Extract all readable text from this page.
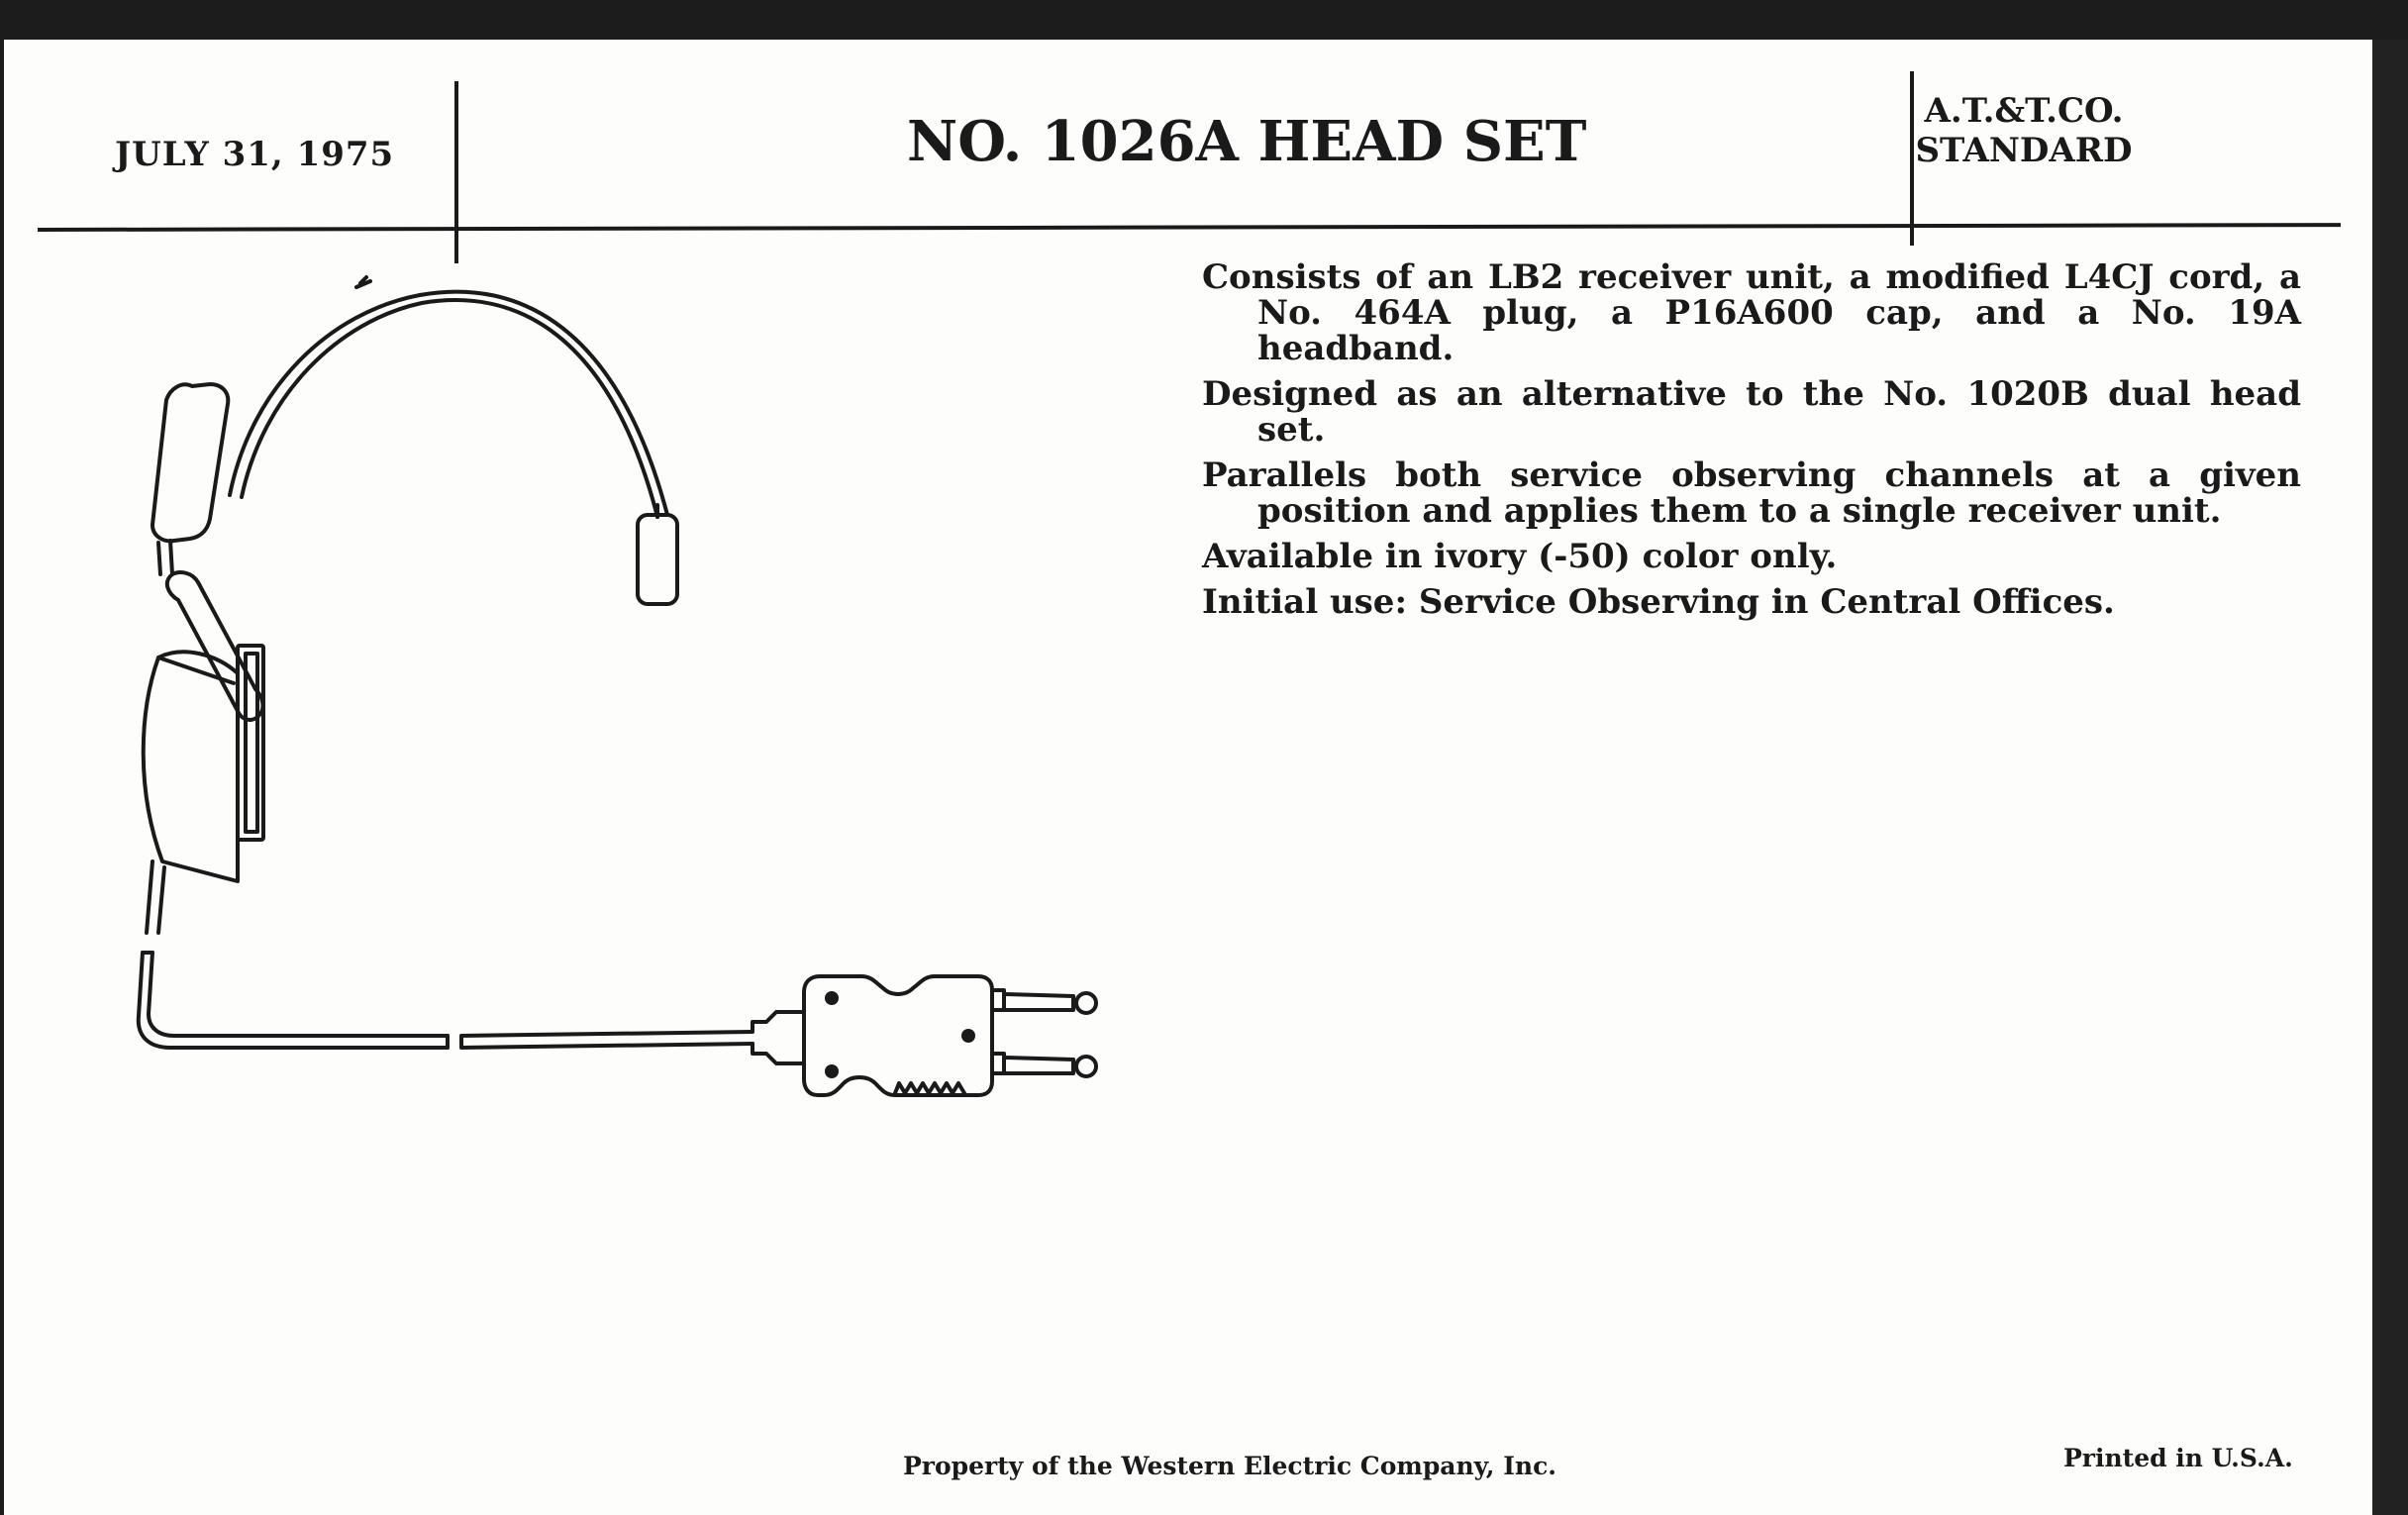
JULY 31, 1975	NO. 1026A HEAD SET	A.T.&T.CO.
STANDARD

Consists of an LB2 receiver unit, a modified L4CJ cord, a No. 464A plug, a P16A600 cap, and a No. 19A headband.

Designed as an alternative to the No. 1020B dual head set.

Parallels both service observing channels at a given position and applies them to a single receiver unit.

Available in ivory (-50) color only.

Initial use: Service Observing in Central Offices.

Property of the Western Electric Company, Inc.	Printed in U.S.A.
